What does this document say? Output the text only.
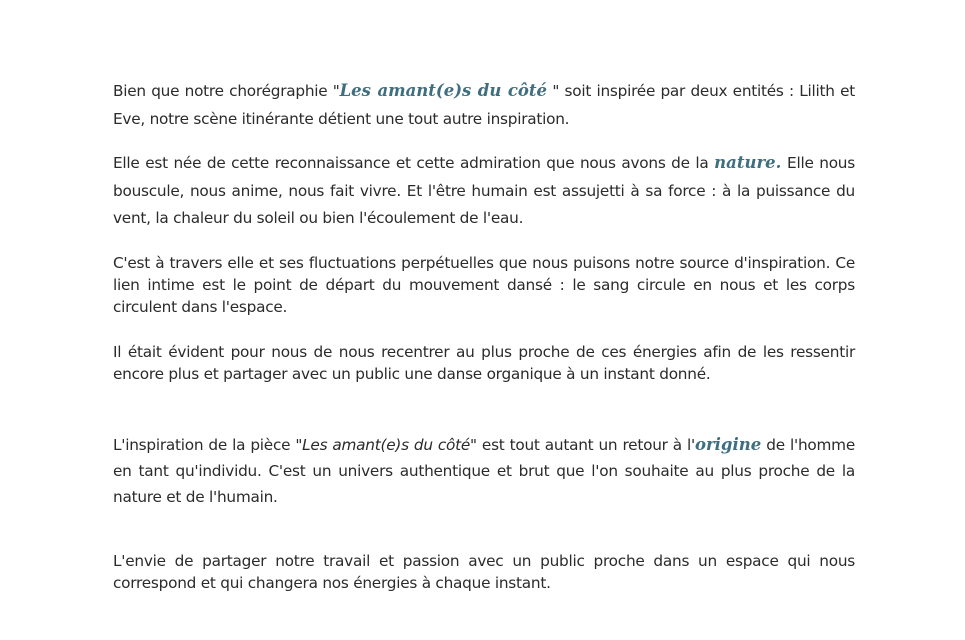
Bien que notre chorégraphie "Les amant(e)s du côté " soit inspirée par deux entités : Lilith et Eve, notre scène itinérante détient une tout autre inspiration.

Elle est née de cette reconnaissance et cette admiration que nous avons de la nature. Elle nous bouscule, nous anime, nous fait vivre. Et l'être humain est assujetti à sa force : à la puissance du vent, la chaleur du soleil ou bien l'écoulement de l'eau.

C'est à travers elle et ses fluctuations perpétuelles que nous puisons notre source d'inspiration. Ce lien intime est le point de départ du mouvement dansé : le sang circule en nous et les corps circulent dans l'espace.

Il était évident pour nous de nous recentrer au plus proche de ces énergies afin de les ressentir encore plus et partager avec un public une danse organique à un instant donné.

L'inspiration de la pièce "Les amant(e)s du côté" est tout autant un retour à l'origine de l'homme en tant qu'individu. C'est un univers authentique et brut que l'on souhaite au plus proche de la nature et de l'humain.

L'envie de partager notre travail et passion avec un public proche dans un espace qui nous correspond et qui changera nos énergies à chaque instant.
